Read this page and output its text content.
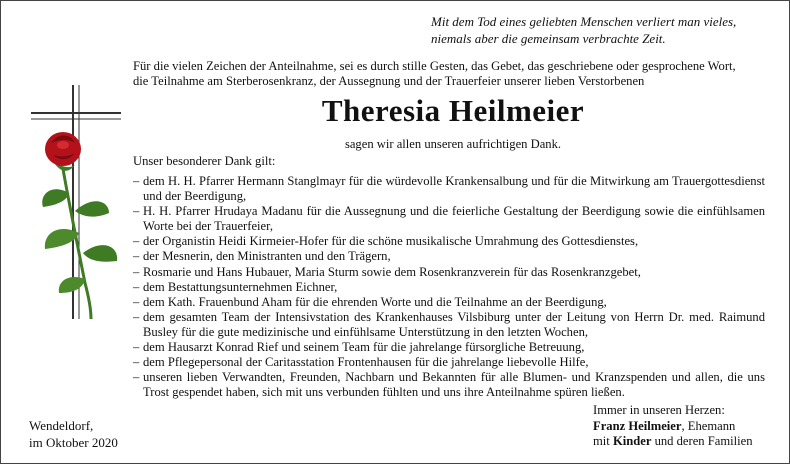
Mit dem Tod eines geliebten Menschen verliert man vieles,
niemals aber die gemeinsam verbrachte Zeit.
Für die vielen Zeichen der Anteilnahme, sei es durch stille Gesten, das Gebet, das geschriebene oder gesprochene Wort,
die Teilnahme am Sterberosenkranz, der Aussegnung und der Trauerfeier unserer lieben Verstorbenen
Theresia Heilmeier
sagen wir allen unseren aufrichtigen Dank.
Unser besonderer Dank gilt:
– dem H. H. Pfarrer Hermann Stanglmayr für die würdevolle Krankensalbung und für die Mitwirkung am Trauergottesdienst und der Beerdigung,
– H. H. Pfarrer Hrudaya Madanu für die Aussegnung und die feierliche Gestaltung der Beerdigung sowie die einfühlsamen Worte bei der Trauerfeier,
– der Organistin Heidi Kirmeier-Hofer für die schöne musikalische Umrahmung des Gottesdienstes,
– der Mesnerin, den Ministranten und den Trägern,
– Rosmarie und Hans Hubauer, Maria Sturm sowie dem Rosenkranzverein für das Rosenkranzgebet,
– dem Bestattungsunternehmen Eichner,
– dem Kath. Frauenbund Aham für die ehrenden Worte und die Teilnahme an der Beerdigung,
– dem gesamten Team der Intensivstation des Krankenhauses Vilsbiburg unter der Leitung von Herrn Dr. med. Raimund Busley für die gute medizinische und einfühlsame Unterstützung in den letzten Wochen,
– dem Hausarzt Konrad Rief und seinem Team für die jahrelange fürsorgliche Betreuung,
– dem Pflegepersonal der Caritasstation Frontenhausen für die jahrelange liebevolle Hilfe,
– unseren lieben Verwandten, Freunden, Nachbarn und Bekannten für alle Blumen- und Kranzspenden und allen, die uns Trost gespendet haben, sich mit uns verbunden fühlten und uns ihre Anteilnahme spüren ließen.
Wendeldorf,
im Oktober 2020
Immer in unseren Herzen:
Franz Heilmeier, Ehemann
mit Kinder und deren Familien
